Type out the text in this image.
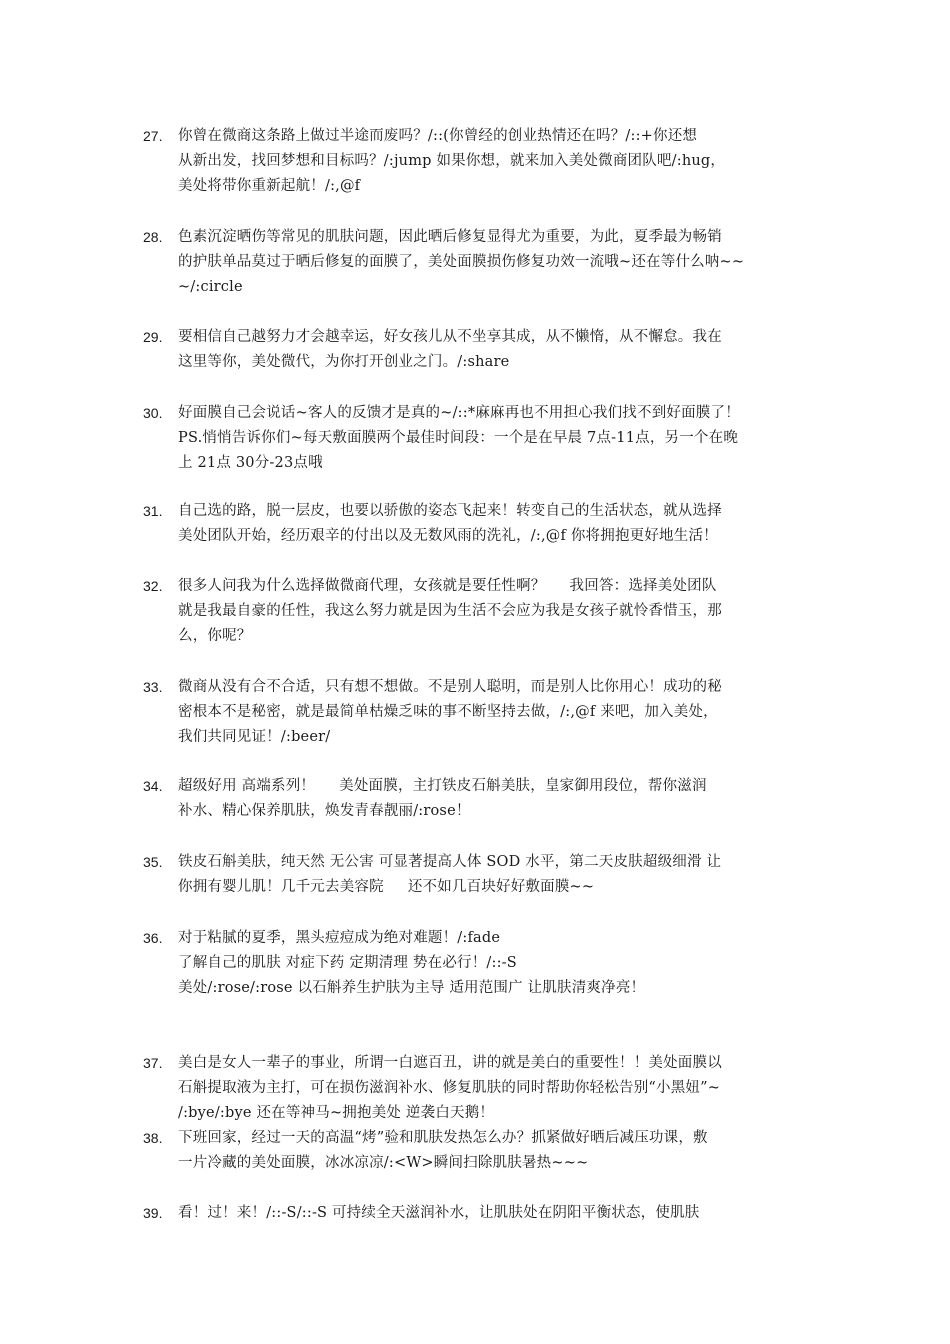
27. 你曾在微商这条路上做过半途而废吗？/::(你曾经的创业热情还在吗？/::+你还想
从新出发，找回梦想和目标吗？/:jump 如果你想，就来加入美处微商团队吧/:hug，
美处将带你重新起航！/:,@f
28. 色素沉淀晒伤等常见的肌肤问题，因此晒后修复显得尤为重要，为此，夏季最为畅销
的护肤单品莫过于晒后修复的面膜了，美处面膜损伤修复功效一流哦~还在等什么呐~~
~/:circle
29. 要相信自己越努力才会越幸运，好女孩儿从不坐享其成，从不懒惰，从不懈怠。我在
这里等你，美处微代，为你打开创业之门。/:share
30. 好面膜自己会说话~客人的反馈才是真的~/::*麻麻再也不用担心我们找不到好面膜了！
PS.悄悄告诉你们~每天敷面膜两个最佳时间段：一个是在早晨 7点-11点，另一个在晚
上 21点 30分-23点哦
31. 自己选的路，脱一层皮，也要以骄傲的姿态飞起来！转变自己的生活状态，就从选择
美处团队开始，经历艰辛的付出以及无数风雨的洗礼，/:,@f 你将拥抱更好地生活！
32. 很多人问我为什么选择做微商代理，女孩就是要任性啊？     我回答：选择美处团队
就是我最自豪的任性，我这么努力就是因为生活不会应为我是女孩子就怜香惜玉，那
么，你呢？
33. 微商从没有合不合适，只有想不想做。不是别人聪明，而是别人比你用心！成功的秘
密根本不是秘密，就是最简单枯燥乏味的事不断坚持去做，/:,@f 来吧，加入美处，
我们共同见证！/:beer/
34. 超级好用 高端系列！     美处面膜，主打铁皮石斛美肤，皇家御用段位，帮你滋润
补水、精心保养肌肤，焕发青春靓丽/:rose！
35. 铁皮石斛美肤，纯天然 无公害 可显著提高人体 SOD 水平，第二天皮肤超级细滑 让
你拥有婴儿肌！几千元去美容院     还不如几百块好好敷面膜~~
36. 对于粘腻的夏季，黑头痘痘成为绝对难题！/:fade
了解自己的肌肤 对症下药 定期清理 势在必行！/::-S
美处/:rose/:rose 以石斛养生护肤为主导 适用范围广 让肌肤清爽净亮！
37. 美白是女人一辈子的事业，所谓一白遮百丑，讲的就是美白的重要性！！美处面膜以
石斛提取液为主打，可在损伤滋润补水、修复肌肤的同时帮助你轻松告别“小黑妞”~
/:bye/:bye 还在等神马~拥抱美处 逆袭白天鹅！
38. 下班回家，经过一天的高温“烤”验和肌肤发热怎么办？抓紧做好晒后减压功课，敷
一片冷藏的美处面膜，冰冰凉凉/:<W>瞬间扫除肌肤暑热~~~
39. 看！过！来！/::-S/::-S 可持续全天滋润补水，让肌肤处在阴阳平衡状态，使肌肤
